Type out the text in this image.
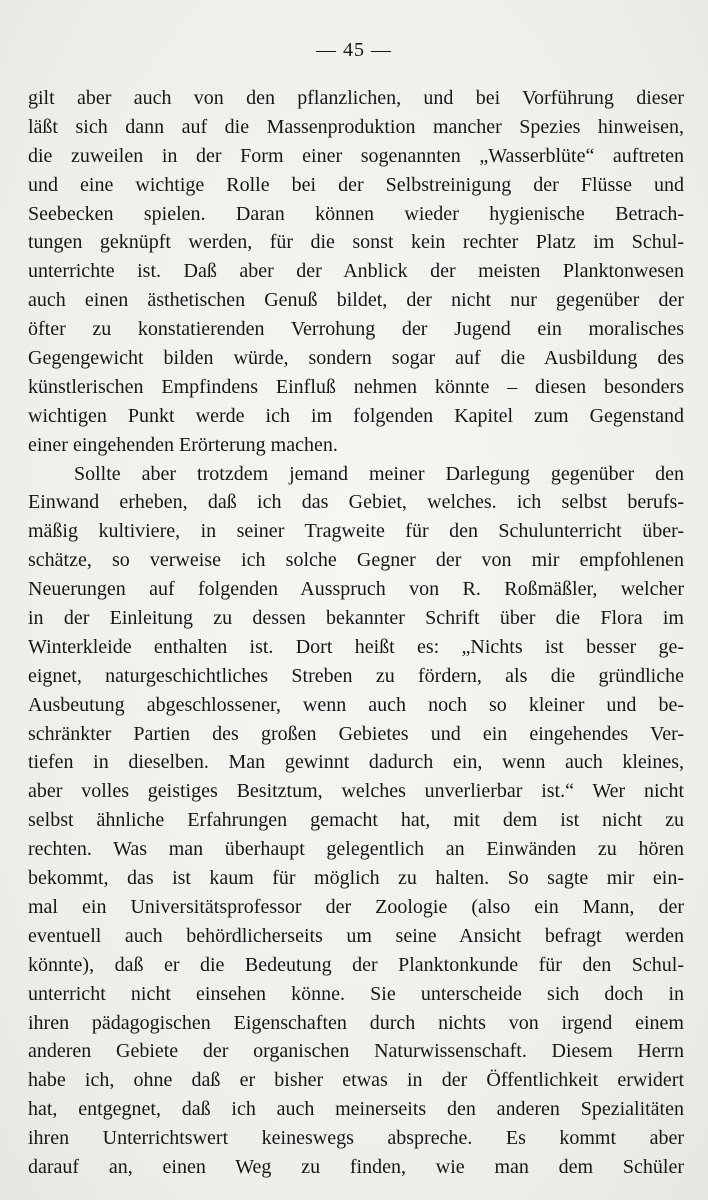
— 45 —
gilt aber auch von den pflanzlichen, und bei Vorführung dieser
läßt sich dann auf die Massenproduktion mancher Spezies hinweisen,
die zuweilen in der Form einer sogenannten „Wasserblüte“ auftreten
und eine wichtige Rolle bei der Selbstreinigung der Flüsse und
Seebecken spielen. Daran können wieder hygienische Betrach-
tungen geknüpft werden, für die sonst kein rechter Platz im Schul-
unterrichte ist. Daß aber der Anblick der meisten Planktonwesen
auch einen ästhetischen Genuß bildet, der nicht nur gegenüber der
öfter zu konstatierenden Verrohung der Jugend ein moralisches
Gegengewicht bilden würde, sondern sogar auf die Ausbildung des
künstlerischen Empfindens Einfluß nehmen könnte – diesen besonders
wichtigen Punkt werde ich im folgenden Kapitel zum Gegenstand
einer eingehenden Erörterung machen.
Sollte aber trotzdem jemand meiner Darlegung gegenüber den
Einwand erheben, daß ich das Gebiet, welches. ich selbst berufs-
mäßig kultiviere, in seiner Tragweite für den Schulunterricht über-
schätze, so verweise ich solche Gegner der von mir empfohlenen
Neuerungen auf folgenden Ausspruch von R. Roßmäßler, welcher
in der Einleitung zu dessen bekannter Schrift über die Flora im
Winterkleide enthalten ist. Dort heißt es: „Nichts ist besser ge-
eignet, naturgeschichtliches Streben zu fördern, als die gründliche
Ausbeutung abgeschlossener, wenn auch noch so kleiner und be-
schränkter Partien des großen Gebietes und ein eingehendes Ver-
tiefen in dieselben. Man gewinnt dadurch ein, wenn auch kleines,
aber volles geistiges Besitztum, welches unverlierbar ist.“ Wer nicht
selbst ähnliche Erfahrungen gemacht hat, mit dem ist nicht zu
rechten. Was man überhaupt gelegentlich an Einwänden zu hören
bekommt, das ist kaum für möglich zu halten. So sagte mir ein-
mal ein Universitätsprofessor der Zoologie (also ein Mann, der
eventuell auch behördlicherseits um seine Ansicht befragt werden
könnte), daß er die Bedeutung der Planktonkunde für den Schul-
unterricht nicht einsehen könne. Sie unterscheide sich doch in
ihren pädagogischen Eigenschaften durch nichts von irgend einem
anderen Gebiete der organischen Naturwissenschaft. Diesem Herrn
habe ich, ohne daß er bisher etwas in der Öffentlichkeit erwidert
hat, entgegnet, daß ich auch meinerseits den anderen Spezialitäten
ihren Unterrichtswert keineswegs abspreche. Es kommt aber
darauf an, einen Weg zu finden, wie man dem Schüler
